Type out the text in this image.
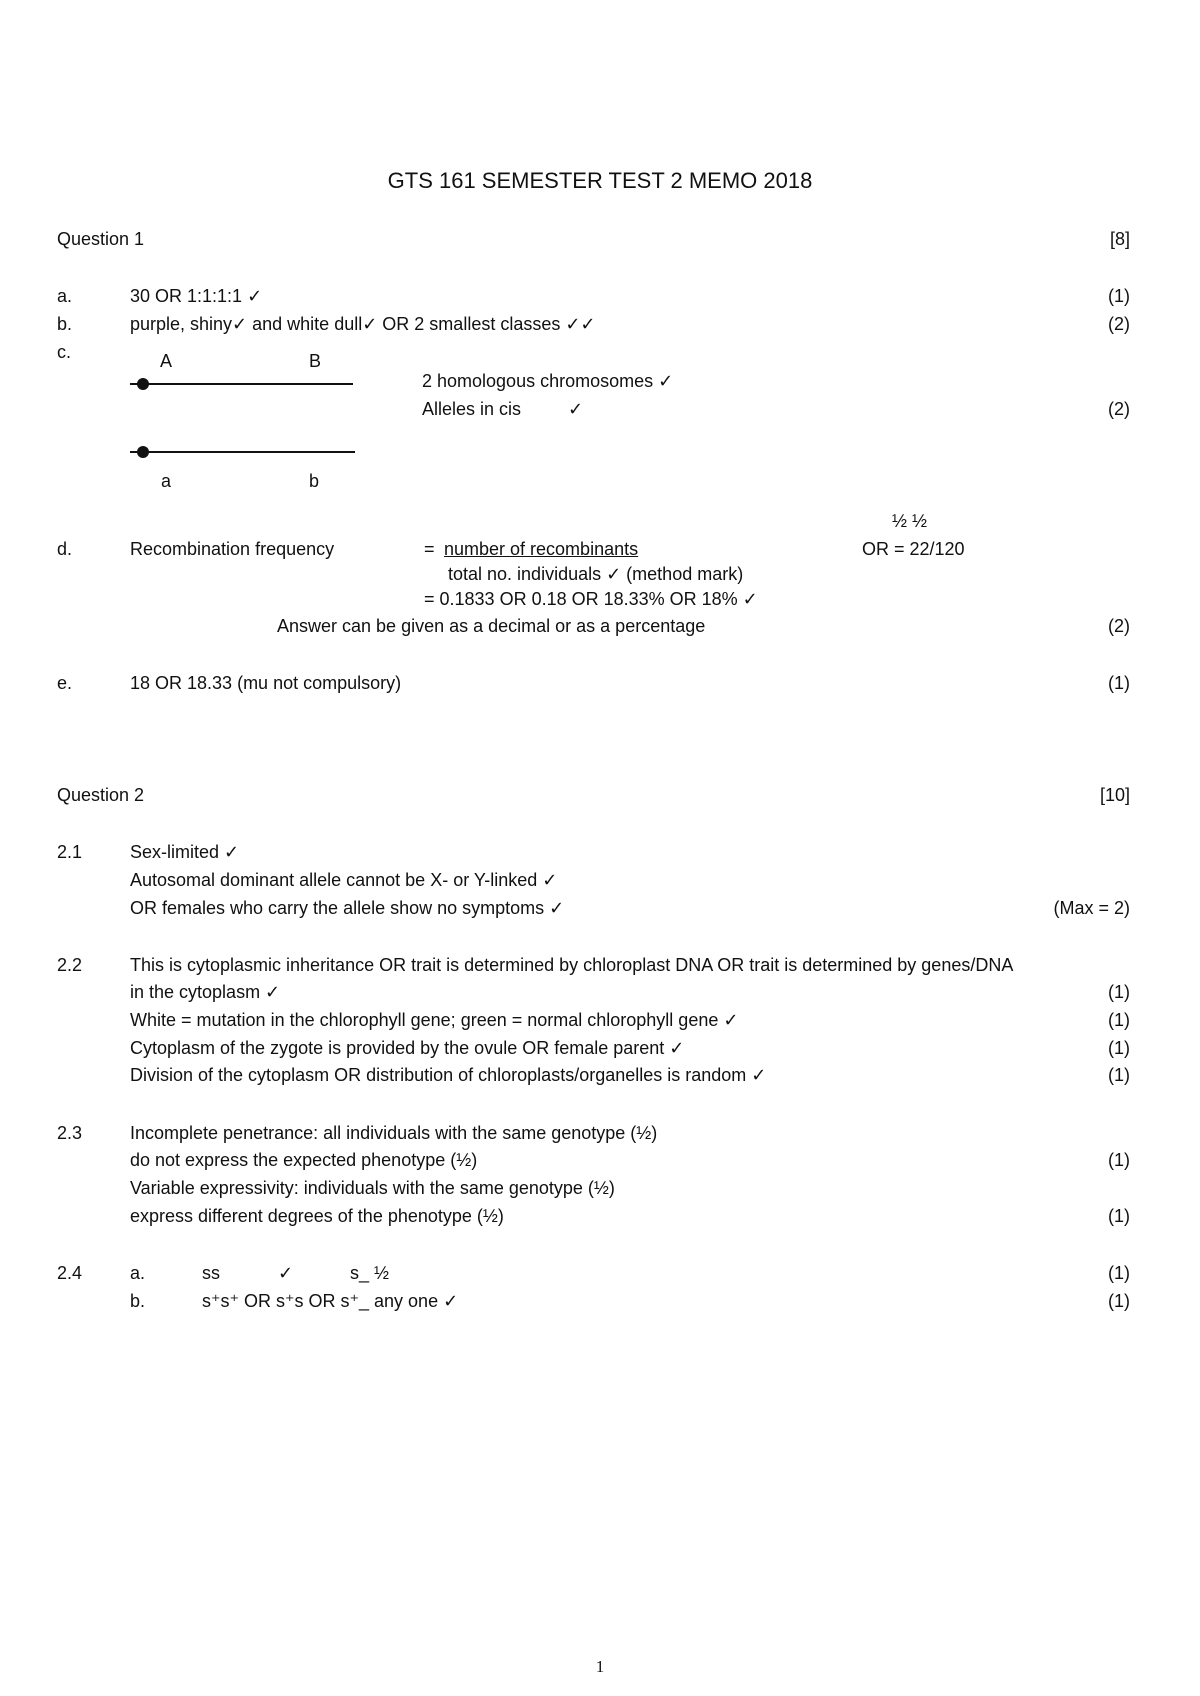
GTS 161 SEMESTER TEST 2 MEMO 2018
Question 1	[8]
a.	30 OR 1:1:1:1 ✓	(1)
b.	purple, shiny✓ and white dull✓ OR 2 smallest classes ✓✓	(2)
c.	A	B
2 homologous chromosomes ✓
Alleles in cis	✓	(2)
a	b
½ ½
d.	Recombination frequency	= number of recombinants	OR = 22/120
total no. individuals ✓ (method mark)
= 0.1833 OR 0.18 OR 18.33% OR 18% ✓
Answer can be given as a decimal or as a percentage	(2)
e.	18 OR 18.33 (mu not compulsory)	(1)
Question 2	[10]
2.1	Sex-limited ✓
Autosomal dominant allele cannot be X- or Y-linked ✓
OR females who carry the allele show no symptoms ✓	(Max = 2)
2.2	This is cytoplasmic inheritance OR trait is determined by chloroplast DNA OR trait is determined by genes/DNA
in the cytoplasm ✓	(1)
White = mutation in the chlorophyll gene; green = normal chlorophyll gene ✓	(1)
Cytoplasm of the zygote is provided by the ovule OR female parent ✓	(1)
Division of the cytoplasm OR distribution of chloroplasts/organelles is random ✓	(1)
2.3	Incomplete penetrance: all individuals with the same genotype (½)
do not express the expected phenotype (½)	(1)
Variable expressivity: individuals with the same genotype (½)
express different degrees of the phenotype (½)	(1)
2.4	a.	ss	✓	s_ ½	(1)
b.	s⁺s⁺ OR s⁺s OR s⁺_ any one ✓	(1)
1
